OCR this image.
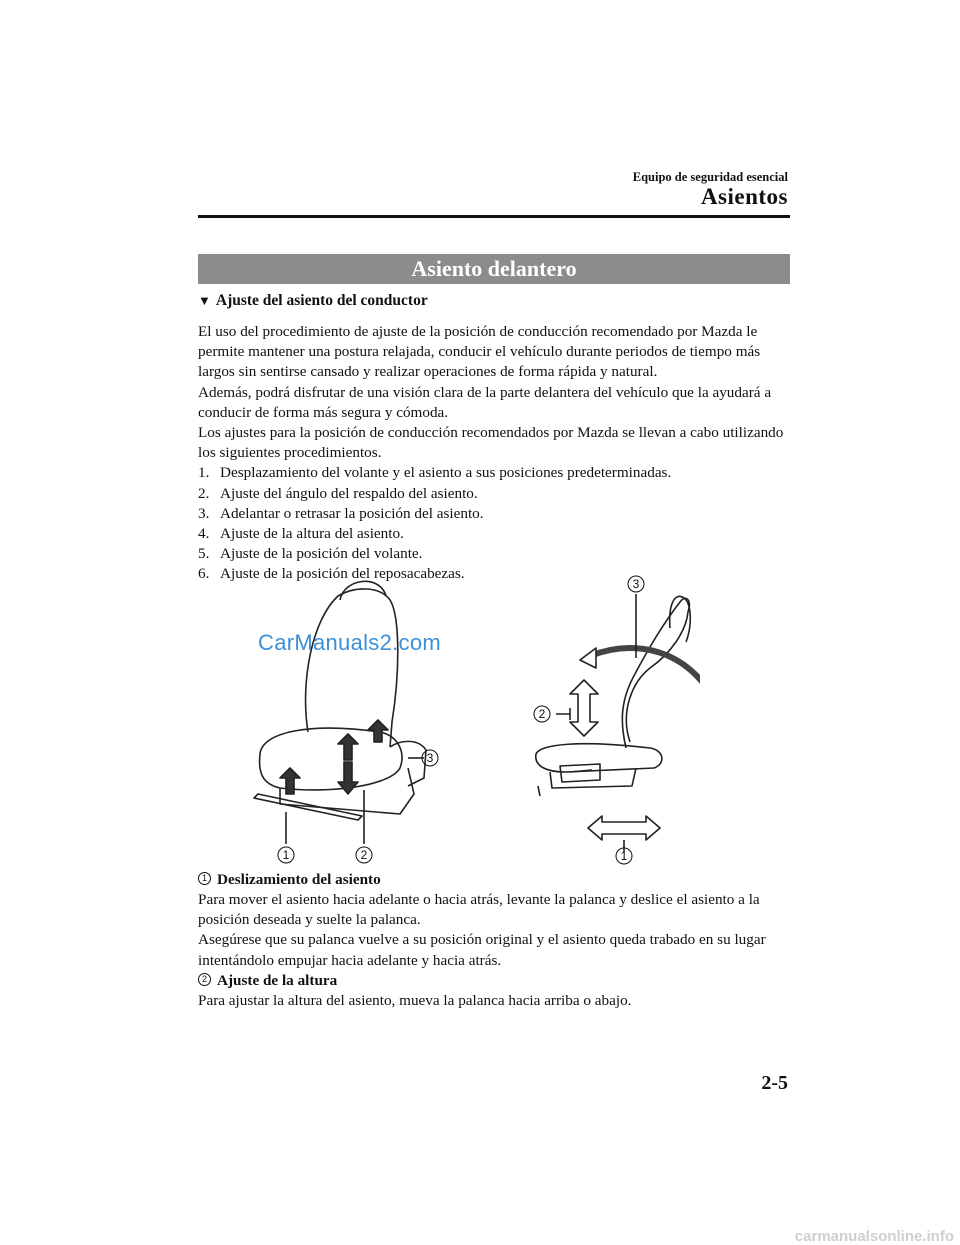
Equipo de seguridad esencial
Asientos
Asiento delantero
▼ Ajuste del asiento del conductor

El uso del procedimiento de ajuste de la posición de conducción recomendado por Mazda le permite mantener una postura relajada, conducir el vehículo durante periodos de tiempo más largos sin sentirse cansado y realizar operaciones de forma rápida y natural.

Además, podrá disfrutar de una visión clara de la parte delantera del vehículo que la ayudará a conducir de forma más segura y cómoda.

Los ajustes para la posición de conducción recomendados por Mazda se llevan a cabo utilizando los siguientes procedimientos.

1. Desplazamiento del volante y el asiento a sus posiciones predeterminadas.
2. Ajuste del ángulo del respaldo del asiento.
3. Adelantar o retrasar la posición del asiento.
4. Ajuste de la altura del asiento.
5. Ajuste de la posición del volante.
6. Ajuste de la posición del reposacabezas.
1	2
3
3
2
1
CarManuals2.com
1 Deslizamiento del asiento
Para mover el asiento hacia adelante o hacia atrás, levante la palanca y deslice el asiento a la posición deseada y suelte la palanca.
Asegúrese que su palanca vuelve a su posición original y el asiento queda trabado en su lugar intentándolo empujar hacia adelante y hacia atrás.
2 Ajuste de la altura
Para ajustar la altura del asiento, mueva la palanca hacia arriba o abajo.
2-5
carmanualsonline.info
